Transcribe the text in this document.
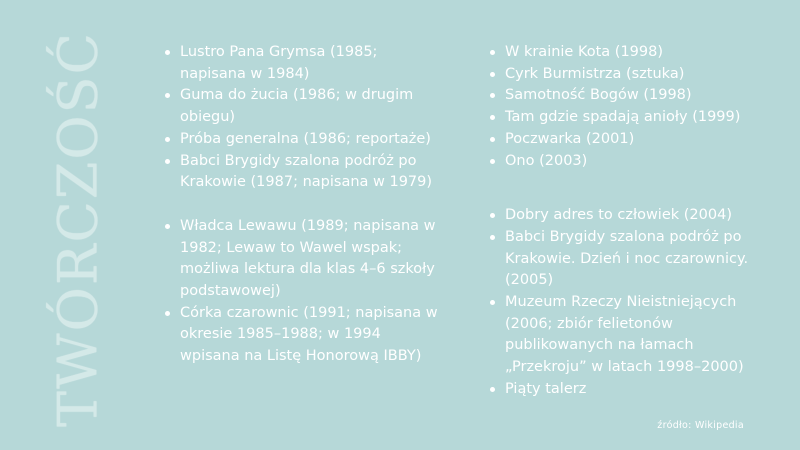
TWÓRCZOŚĆ	Lustro Pana Grymsa (1985; napisana w 1984)
Guma do żucia (1986; w drugim obiegu)
Próba generalna (1986; reportaże)
Babci Brygidy szalona podróż po Krakowie (1987; napisana w 1979)
Władca Lewawu (1989; napisana w 1982; Lewaw to Wawel wspak; możliwa lektura dla klas 4–6 szkoły podstawowej)
Córka czarownic (1991; napisana w okresie 1985–1988; w 1994 wpisana na Listę Honorową IBBY)
W krainie Kota (1998)
Cyrk Burmistrza (sztuka)
Samotność Bogów (1998)
Tam gdzie spadają anioły (1999)
Poczwarka (2001)
Ono (2003)
Dobry adres to człowiek (2004)
Babci Brygidy szalona podróż po Krakowie. Dzień i noc czarownicy. (2005)
Muzeum Rzeczy Nieistniejących (2006; zbiór felietonów publikowanych na łamach „Przekroju” w latach 1998–2000)
Piąty talerz
źródło: Wikipedia
